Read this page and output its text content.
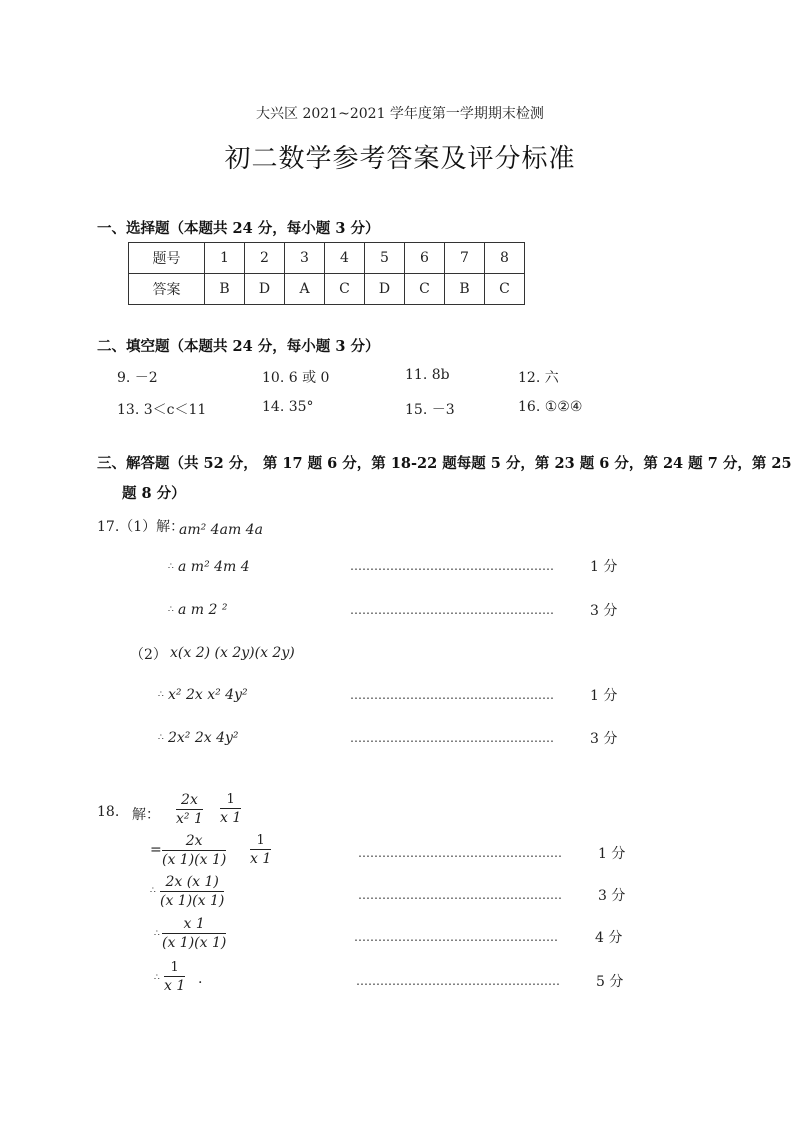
大兴区 2021~2021 学年度第一学期期末检测
初二数学参考答案及评分标准
一、选择题（本题共 24 分，每小题 3 分）
题号	1	2	3	4	5	6	7	8
答案	B	D	A	C	D	C	B	C
二、填空题（本题共 24 分，每小题 3 分）
9. －2	10. 6 或 0	11. 8b	12. 六
13. 3＜c＜11	14. 35°	15. －3	16. ①②④
三、解答题（共 52 分， 第 17 题 6 分，第 18-22 题每题 5 分，第 23 题 6 分，第 24 题 7 分，第 25
题 8 分）
17.（1）解：
am² 4am 4a
∴ a m² 4m 4	……………………………………………	1 分
∴ a m 2 ²	……………………………………………	3 分
（2） x(x 2) (x 2y)(x 2y)
∴ x² 2x x² 4y²	……………………………………………	1 分
∴ 2x² 2x 4y²	……………………………………………	3 分
18. 解： $\frac{2x}{\text{x² 1}} \frac{1}{x 1}$
= $\frac{2x}{(x 1)(x 1)} \frac{1}{x 1}$	……………………………………………	1 分
$^\therefore \frac{2x (x 1)}{(x 1)(x 1)}$	……………………………………………	3 分
$^\therefore \frac{x 1}{(x 1)(x 1)}$	……………………………………………	4 分
$^\therefore \frac{1}{x 1}$ .	……………………………………………	5 分
